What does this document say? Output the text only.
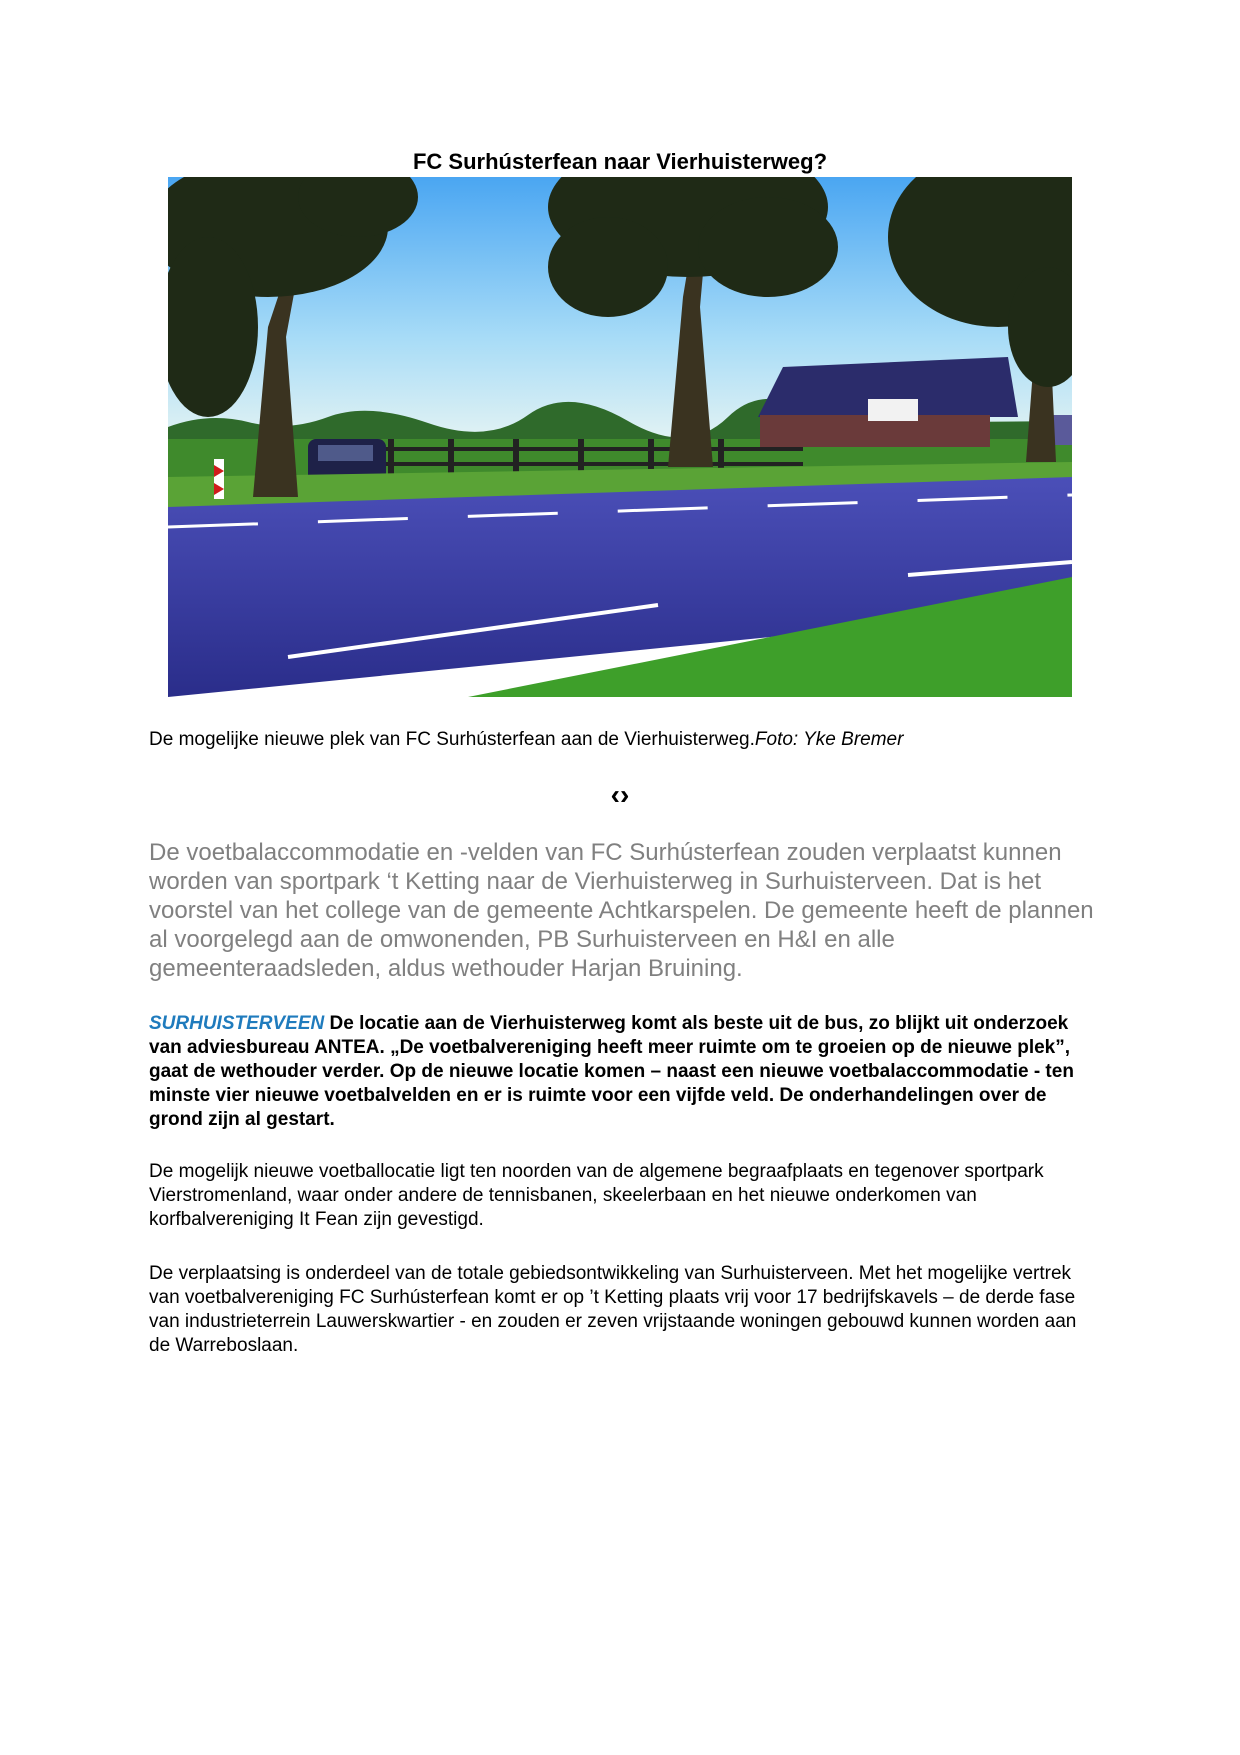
FC Surhústerfean naar Vierhuisterweg?
De mogelijke nieuwe plek van FC Surhústerfean aan de Vierhuisterweg.Foto: Yke Bremer
‹›

De voetbalaccommodatie en -velden van FC Surhústerfean zouden verplaatst kunnen worden van sportpark ‘t Ketting naar de Vierhuisterweg in Surhuisterveen. Dat is het voorstel van het college van de gemeente Achtkarspelen. De gemeente heeft de plannen al voorgelegd aan de omwonenden, PB Surhuisterveen en H&I en alle gemeenteraadsleden, aldus wethouder Harjan Bruining.

SURHUISTERVEEN De locatie aan de Vierhuisterweg komt als beste uit de bus, zo blijkt uit onderzoek van adviesbureau ANTEA. „De voetbalvereniging heeft meer ruimte om te groeien op de nieuwe plek”, gaat de wethouder verder. Op de nieuwe locatie komen – naast een nieuwe voetbalaccommodatie - ten minste vier nieuwe voetbalvelden en er is ruimte voor een vijfde veld. De onderhandelingen over de grond zijn al gestart.

De mogelijk nieuwe voetballocatie ligt ten noorden van de algemene begraafplaats en tegenover sportpark Vierstromenland, waar onder andere de tennisbanen, skeelerbaan en het nieuwe onderkomen van korfbalvereniging It Fean zijn gevestigd.

De verplaatsing is onderdeel van de totale gebiedsontwikkeling van Surhuisterveen. Met het mogelijke vertrek van voetbalvereniging FC Surhústerfean komt er op ’t Ketting plaats vrij voor 17 bedrijfskavels – de derde fase van industrieterrein Lauwerskwartier - en zouden er zeven vrijstaande woningen gebouwd kunnen worden aan de Warreboslaan.
